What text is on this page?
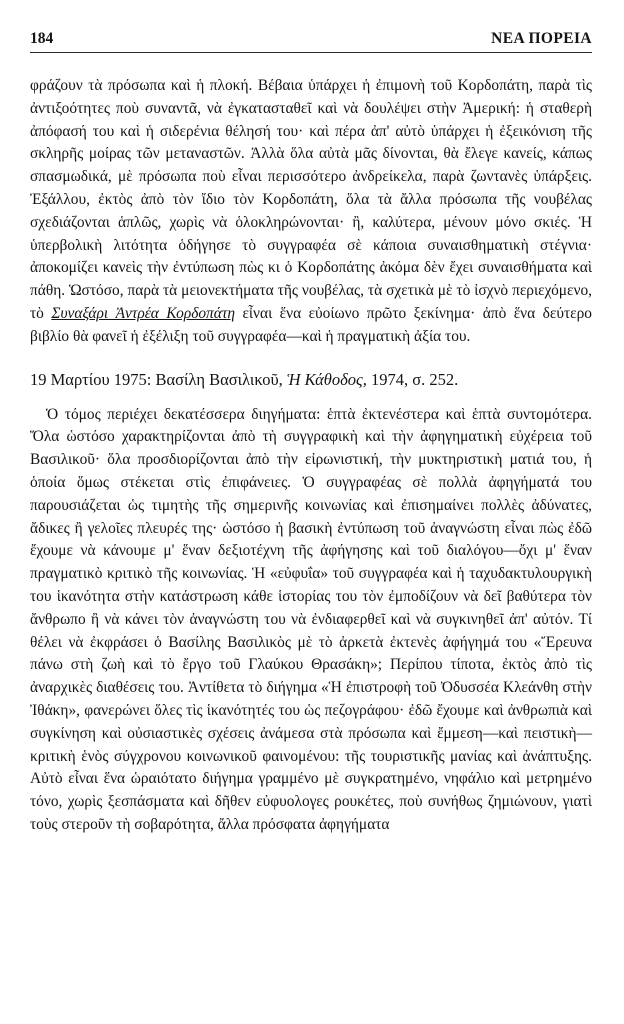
184	ΝΕΑ ΠΟΡΕΙΑ

φράζουν τὰ πρόσωπα καὶ ἡ πλοκή. Βέβαια ὑπάρχει ἡ ἐπιμονὴ τοῦ Κορδοπάτη, παρὰ τὶς ἀντιξοότητες ποὺ συναντᾶ, νὰ ἐγκατασταθεῖ καὶ νὰ δουλέψει στὴν Ἀμερική: ἡ σταθερὴ ἀπόφασή του καὶ ἡ σιδερένια θέλησή του· καὶ πέρα ἀπ' αὐτὸ ὑπάρχει ἡ ἐξεικόνιση τῆς σκληρῆς μοίρας τῶν μεταναστῶν. Ἀλλὰ ὅλα αὐτὰ μᾶς δίνονται, θὰ ἔλεγε κανείς, κάπως σπασμωδικά, μὲ πρόσωπα ποὺ εἶναι περισσότερο ἀνδρείκελα, παρὰ ζωντανὲς ὑπάρξεις. Ἐξάλλου, ἐκτὸς ἀπὸ τὸν ἴδιο τὸν Κορδοπάτη, ὅλα τὰ ἄλλα πρόσωπα τῆς νουβέλας σχεδιάζονται ἁπλῶς, χωρὶς νὰ ὁλοκληρώνονται· ἢ, καλύτερα, μένουν μόνο σκιές. Ἡ ὑπερβολικὴ λιτότητα ὁδήγησε τὸ συγγραφέα σὲ κάποια συναισθηματικὴ στέγνια· ἀποκομίζει κανεὶς τὴν ἐντύπωση πὼς κι ὁ Κορδοπάτης ἀκόμα δὲν ἔχει συναισθήματα καὶ πάθη. Ὡστόσο, παρὰ τὰ μειονεκτήματα τῆς νουβέλας, τὰ σχετικὰ μὲ τὸ ἰσχνὸ περιεχόμενο, τὸ Συναξάρι Ἀντρέα Κορδοπάτη εἶναι ἕνα εὐοίωνο πρῶτο ξεκίνημα· ἀπὸ ἕνα δεύτερο βιβλίο θὰ φανεῖ ἡ ἐξέλιξη τοῦ συγγραφέα—καὶ ἡ πραγματικὴ ἀξία του.

19 Μαρτίου 1975: Βασίλη Βασιλικοῦ, Ἡ Κάθοδος, 1974, σ. 252.

Ὁ τόμος περιέχει δεκατέσσερα διηγήματα: ἑπτὰ ἐκτενέστερα καὶ ἑπτὰ συντομότερα. Ὅλα ὡστόσο χαρακτηρίζονται ἀπὸ τὴ συγγραφικὴ καὶ τὴν ἀφηγηματικὴ εὐχέρεια τοῦ Βασιλικοῦ· ὅλα προσδιορίζονται ἀπὸ τὴν εἰρωνιστική, τὴν μυκτηριστικὴ ματιά του, ἡ ὁποία ὅμως στέκεται στὶς ἐπιφάνειες. Ὁ συγγραφέας σὲ πολλὰ ἀφηγήματά του παρουσιάζεται ὡς τιμητὴς τῆς σημερινῆς κοινωνίας καὶ ἐπισημαίνει πολλὲς ἀδύνατες, ἄδικες ἢ γελοῖες πλευρές της· ὡστόσο ἡ βασικὴ ἐντύπωση τοῦ ἀναγνώστη εἶναι πὼς ἐδῶ ἔχουμε νὰ κάνουμε μ' ἕναν δεξιοτέχνη τῆς ἀφήγησης καὶ τοῦ διαλόγου—ὄχι μ' ἕναν πραγματικὸ κριτικὸ τῆς κοινωνίας. Ἡ «εὐφυΐα» τοῦ συγγραφέα καὶ ἡ ταχυδακτυλουργικὴ του ἱκανότητα στὴν κατάστρωση κάθε ἱστορίας του τὸν ἐμποδίζουν νὰ δεῖ βαθύτερα τὸν ἄνθρωπο ἢ νὰ κάνει τὸν ἀναγνώστη του νὰ ἐνδιαφερθεῖ καὶ νὰ συγκινηθεῖ ἀπ' αὐτόν. Τί θέλει νὰ ἐκφράσει ὁ Βασίλης Βασιλικὸς μὲ τὸ ἀρκετὰ ἐκτενὲς ἀφήγημά του «Ἔρευνα πάνω στὴ ζωὴ καὶ τὸ ἔργο τοῦ Γλαύκου Θρασάκη»; Περίπου τίποτα, ἐκτὸς ἀπὸ τὶς ἀναρχικὲς διαθέσεις του. Ἀντίθετα τὸ διήγημα «Ἡ ἐπιστροφὴ τοῦ Ὀδυσσέα Κλεάνθη στὴν Ἰθάκη», φανερώνει ὅλες τὶς ἱκανότητές του ὡς πεζογράφου· ἐδῶ ἔχουμε καὶ ἀνθρωπιὰ καὶ συγκίνηση καὶ οὐσιαστικὲς σχέσεις ἀνάμεσα στὰ πρόσωπα καὶ ἔμμεση—καὶ πειστικὴ—κριτικὴ ἑνὸς σύγχρονου κοινωνικοῦ φαινομένου: τῆς τουριστικῆς μανίας καὶ ἀνάπτυξης. Αὐτὸ εἶναι ἕνα ὡραιότατο διήγημα γραμμένο μὲ συγκρατημένο, νηφάλιο καὶ μετρημένο τόνο, χωρὶς ξεσπάσματα καὶ δῆθεν εὐφυολογες ρουκέτες, ποὺ συνήθως ζημιώνουν, γιατὶ τοὺς στεροῦν τὴ σοβαρότητα, ἄλλα πρόσφατα ἀφηγήματα
